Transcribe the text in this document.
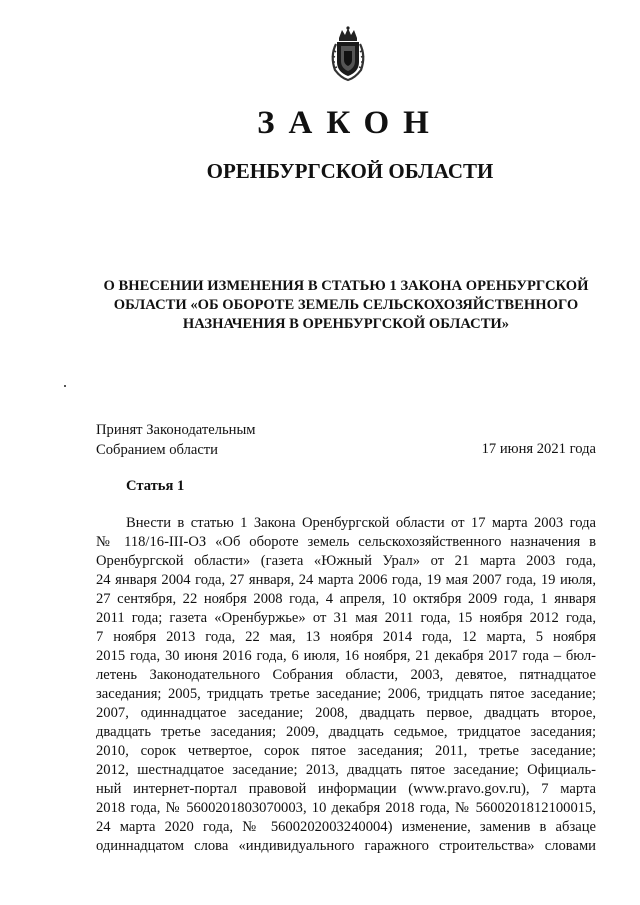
ЗАКОН
ОРЕНБУРГСКОЙ ОБЛАСТИ
О ВНЕСЕНИИ ИЗМЕНЕНИЯ В СТАТЬЮ 1 ЗАКОНА ОРЕНБУРГСКОЙ
ОБЛАСТИ «ОБ ОБОРОТЕ ЗЕМЕЛЬ СЕЛЬСКОХОЗЯЙСТВЕННОГО
НАЗНАЧЕНИЯ В ОРЕНБУРГСКОЙ ОБЛАСТИ»
Принят Законодательным
Собранием области	17 июня 2021 года
Статья 1
Внести в статью 1 Закона Оренбургской области от 17 марта 2003 года
№ 118/16-III-ОЗ «Об обороте земель сельскохозяйственного назначения в
Оренбургской области» (газета «Южный Урал» от 21 марта 2003 года,
24 января 2004 года, 27 января, 24 марта 2006 года, 19 мая 2007 года, 19 июля,
27 сентября, 22 ноября 2008 года, 4 апреля, 10 октября 2009 года, 1 января
2011 года; газета «Оренбуржье» от 31 мая 2011 года, 15 ноября 2012 года,
7 ноября 2013 года, 22 мая, 13 ноября 2014 года, 12 марта, 5 ноября
2015 года, 30 июня 2016 года, 6 июля, 16 ноября, 21 декабря 2017 года – бюл-
летень Законодательного Собрания области, 2003, девятое, пятнадцатое
заседания; 2005, тридцать третье заседание; 2006, тридцать пятое заседание;
2007, одиннадцатое заседание; 2008, двадцать первое, двадцать второе,
двадцать третье заседания; 2009, двадцать седьмое, тридцатое заседания;
2010, сорок четвертое, сорок пятое заседания; 2011, третье заседание;
2012, шестнадцатое заседание; 2013, двадцать пятое заседание; Официаль-
ный интернет-портал правовой информации (www.pravo.gov.ru), 7 марта
2018 года, № 5600201803070003, 10 декабря 2018 года, № 5600201812100015,
24 марта 2020 года, № 5600202003240004) изменение, заменив в абзаце
одиннадцатом слова «индивидуального гаражного строительства» словами
